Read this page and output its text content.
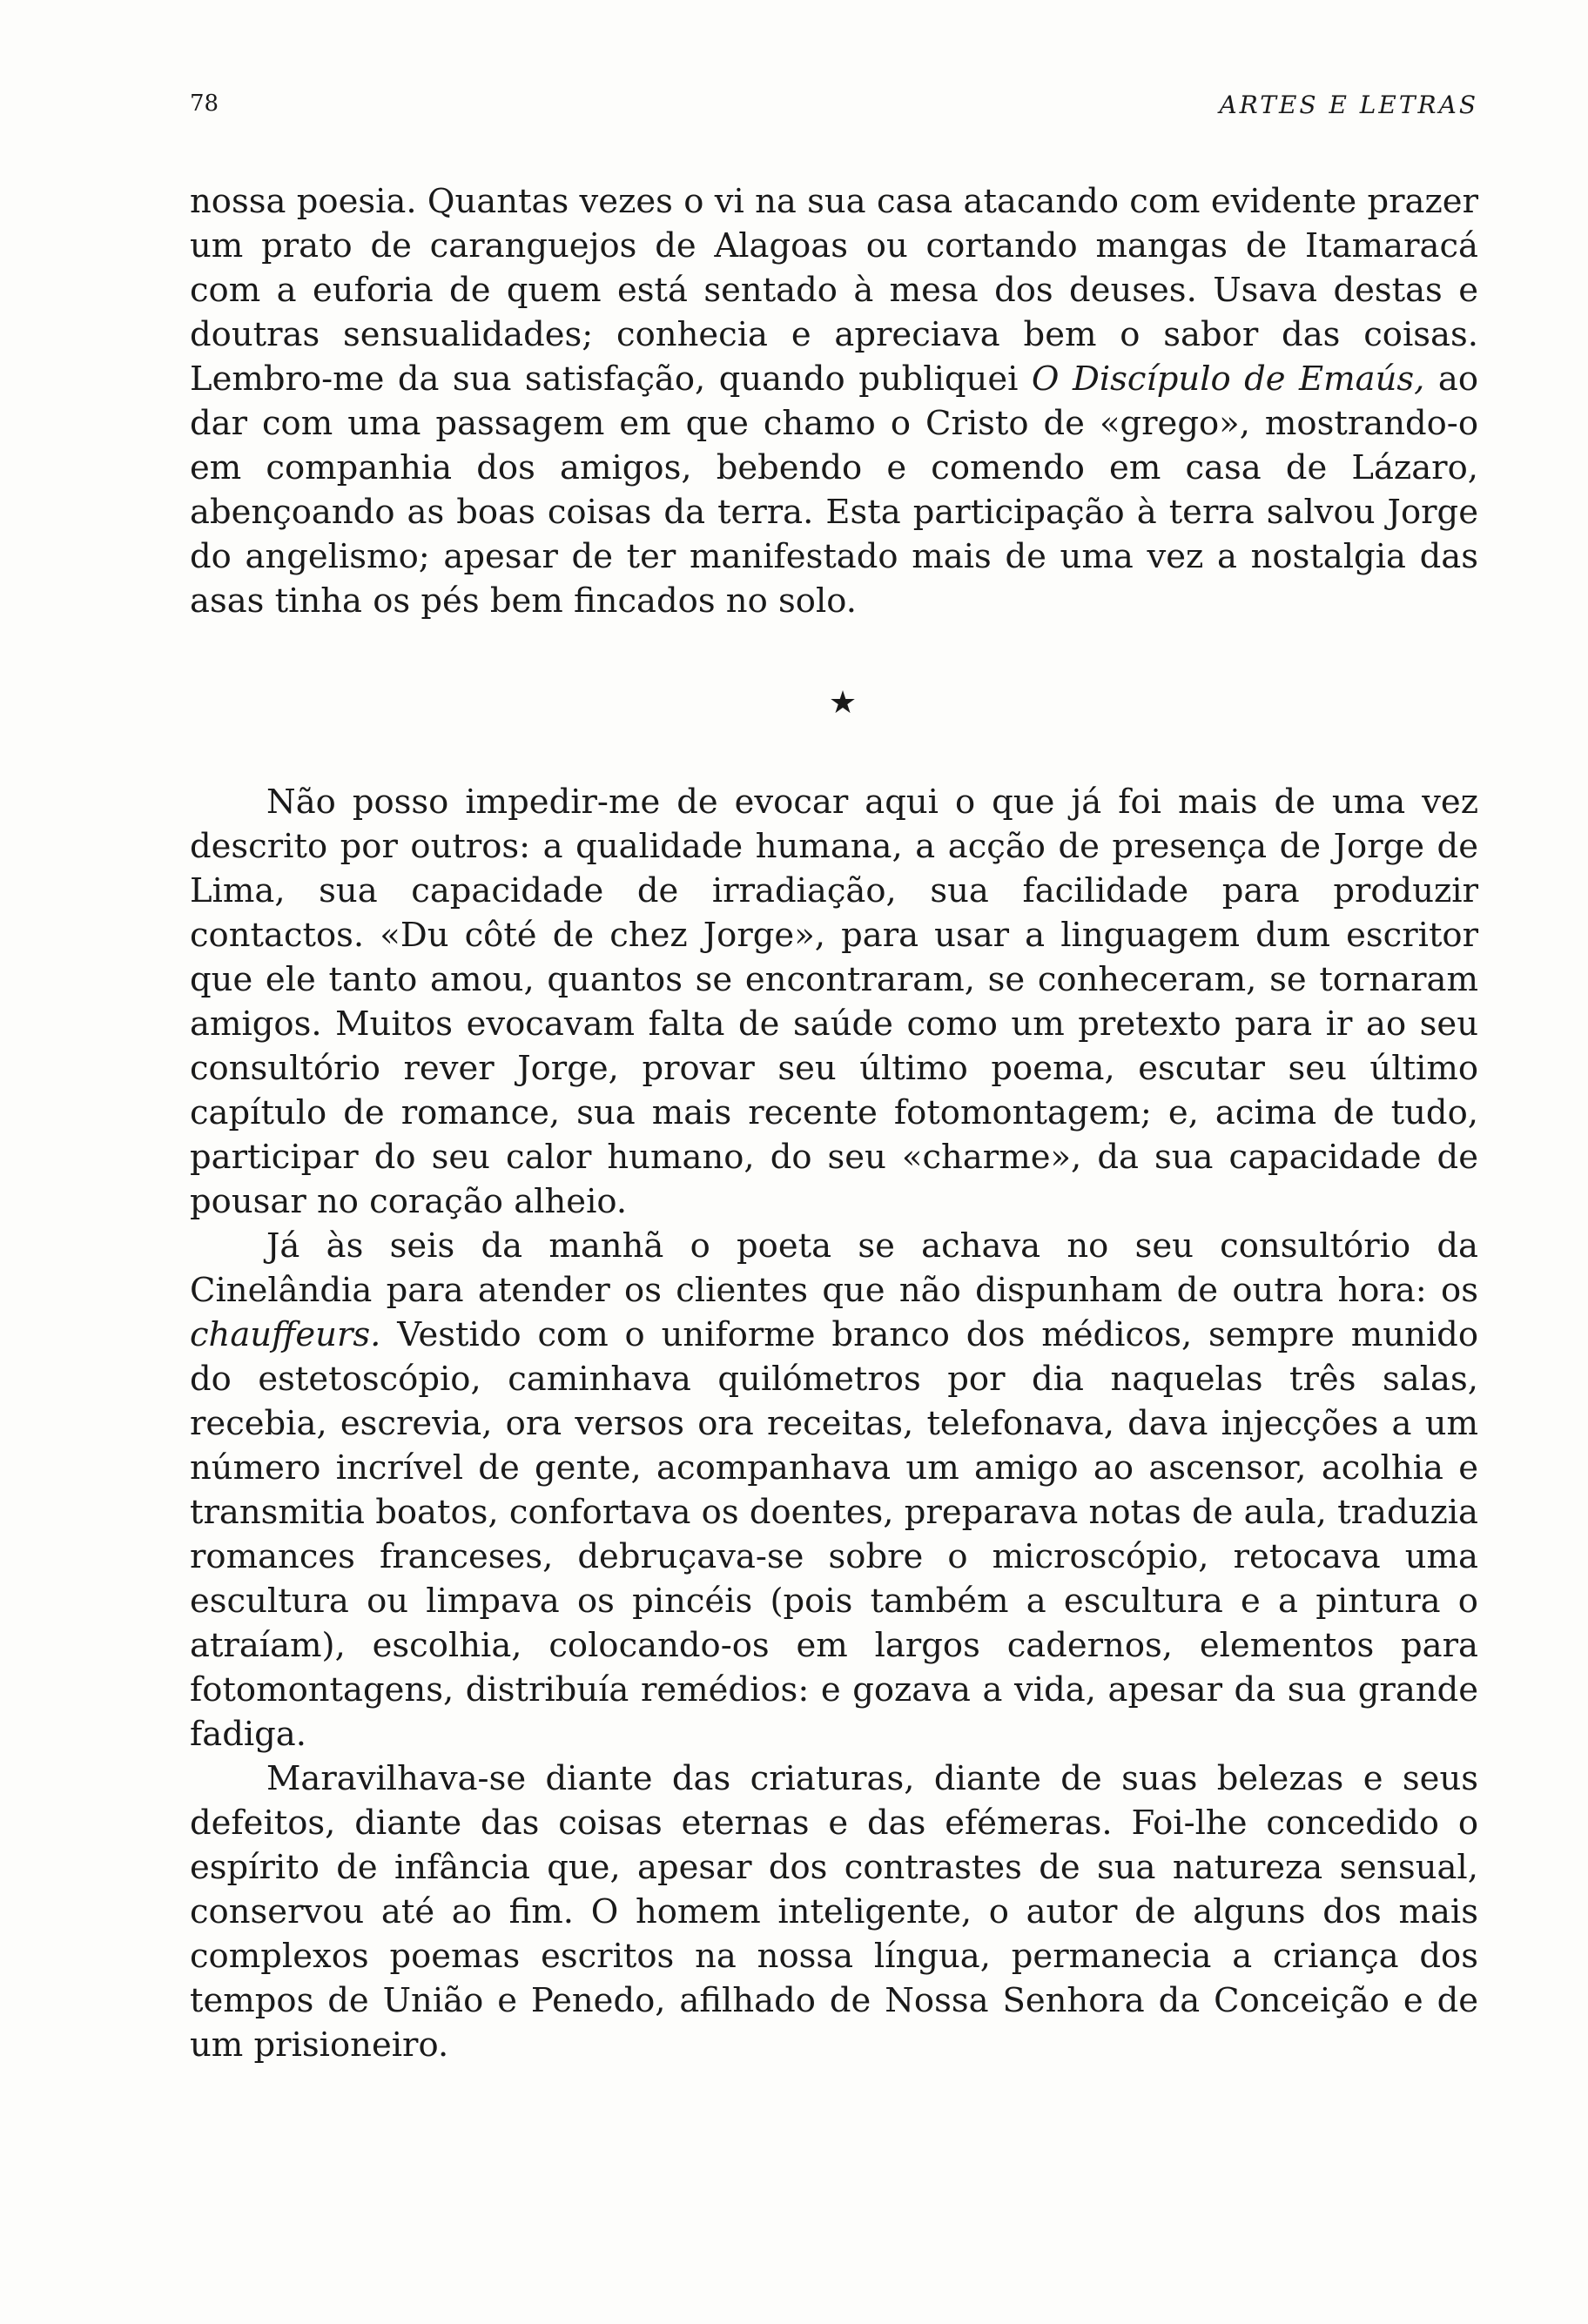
78	ARTES E LETRAS

nossa poesia. Quantas vezes o vi na sua casa atacando com evidente prazer um prato de caranguejos de Alagoas ou cortando mangas de Itamaracá com a euforia de quem está sentado à mesa dos deuses. Usava destas e doutras sensualidades; conhecia e apreciava bem o sabor das coisas. Lembro-me da sua satisfação, quando publiquei O Discípulo de Emaús, ao dar com uma passagem em que chamo o Cristo de «grego», mostrando-o em companhia dos amigos, bebendo e comendo em casa de Lázaro, abençoando as boas coisas da terra. Esta participação à terra salvou Jorge do angelismo; apesar de ter manifestado mais de uma vez a nostalgia das asas tinha os pés bem fincados no solo.

★

Não posso impedir-me de evocar aqui o que já foi mais de uma vez descrito por outros: a qualidade humana, a acção de presença de Jorge de Lima, sua capacidade de irradiação, sua facilidade para produzir contactos. «Du côté de chez Jorge», para usar a linguagem dum escritor que ele tanto amou, quantos se encontraram, se conheceram, se tornaram amigos. Muitos evocavam falta de saúde como um pretexto para ir ao seu consultório rever Jorge, provar seu último poema, escutar seu último capítulo de romance, sua mais recente fotomontagem; e, acima de tudo, participar do seu calor humano, do seu «charme», da sua capacidade de pousar no coração alheio.

Já às seis da manhã o poeta se achava no seu consultório da Cinelândia para atender os clientes que não dispunham de outra hora: os chauffeurs. Vestido com o uniforme branco dos médicos, sempre munido do estetoscópio, caminhava quilómetros por dia naquelas três salas, recebia, escrevia, ora versos ora receitas, telefonava, dava injecções a um número incrível de gente, acompanhava um amigo ao ascensor, acolhia e transmitia boatos, confortava os doentes, preparava notas de aula, traduzia romances franceses, debruçava-se sobre o microscópio, retocava uma escultura ou limpava os pincéis (pois também a escultura e a pintura o atraíam), escolhia, colocando-os em largos cadernos, elementos para fotomontagens, distribuía remédios: e gozava a vida, apesar da sua grande fadiga.

Maravilhava-se diante das criaturas, diante de suas belezas e seus defeitos, diante das coisas eternas e das efémeras. Foi-lhe concedido o espírito de infância que, apesar dos contrastes de sua natureza sensual, conservou até ao fim. O homem inteligente, o autor de alguns dos mais complexos poemas escritos na nossa língua, permanecia a criança dos tempos de União e Penedo, afilhado de Nossa Senhora da Conceição e de um prisioneiro.
